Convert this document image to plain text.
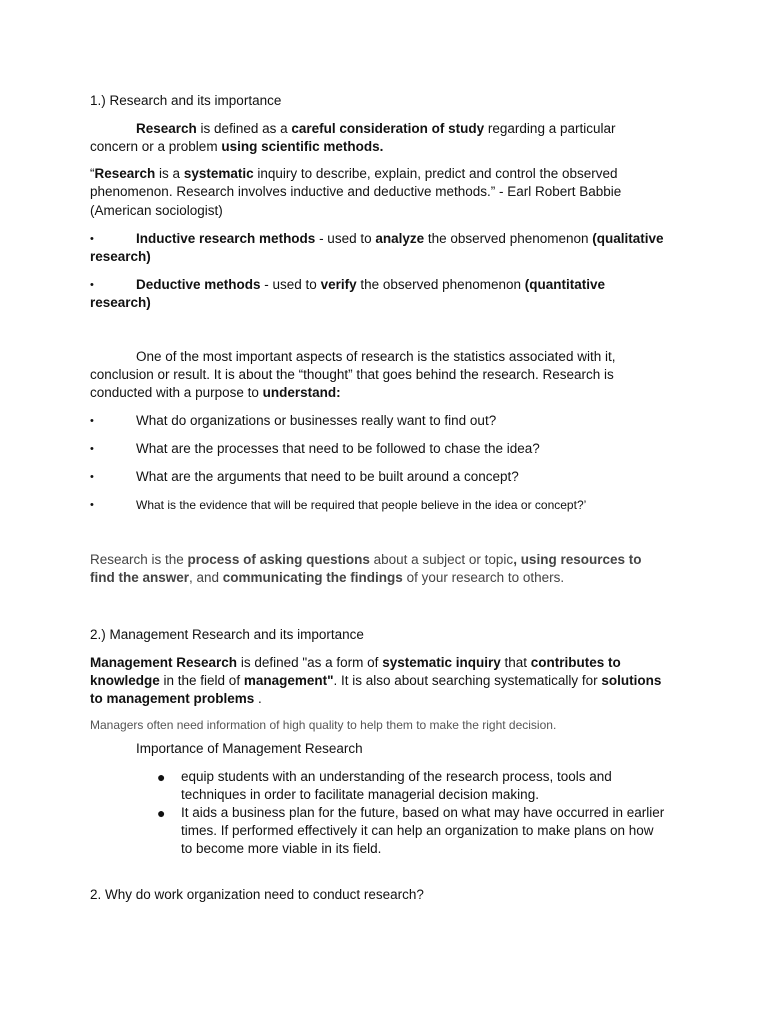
1.) Research and its importance
Research is defined as a careful consideration of study regarding a particular
concern or a problem using scientific methods.
“Research is a systematic inquiry to describe, explain, predict and control the observed
phenomenon. Research involves inductive and deductive methods.” - Earl Robert Babbie
(American sociologist)
•	Inductive research methods - used to analyze the observed phenomenon (qualitative
research)
•	Deductive methods - used to verify the observed phenomenon (quantitative
research)
One of the most important aspects of research is the statistics associated with it,
conclusion or result. It is about the “thought” that goes behind the research. Research is
conducted with a purpose to understand:
•	What do organizations or businesses really want to find out?
•	What are the processes that need to be followed to chase the idea?
•	What are the arguments that need to be built around a concept?
•	What is the evidence that will be required that people believe in the idea or concept?’
Research is the process of asking questions about a subject or topic, using resources to
find the answer, and communicating the findings of your research to others.
2.) Management Research and its importance
Management Research is defined "as a form of systematic inquiry that contributes to
knowledge in the field of management". It is also about searching systematically for solutions
to management problems .
Managers often need information of high quality to help them to make the right decision.
Importance of Management Research
● equip students with an understanding of the research process, tools and
techniques in order to facilitate managerial decision making.
● It aids a business plan for the future, based on what may have occurred in earlier
times. If performed effectively it can help an organization to make plans on how
to become more viable in its field.
2. Why do work organization need to conduct research?
